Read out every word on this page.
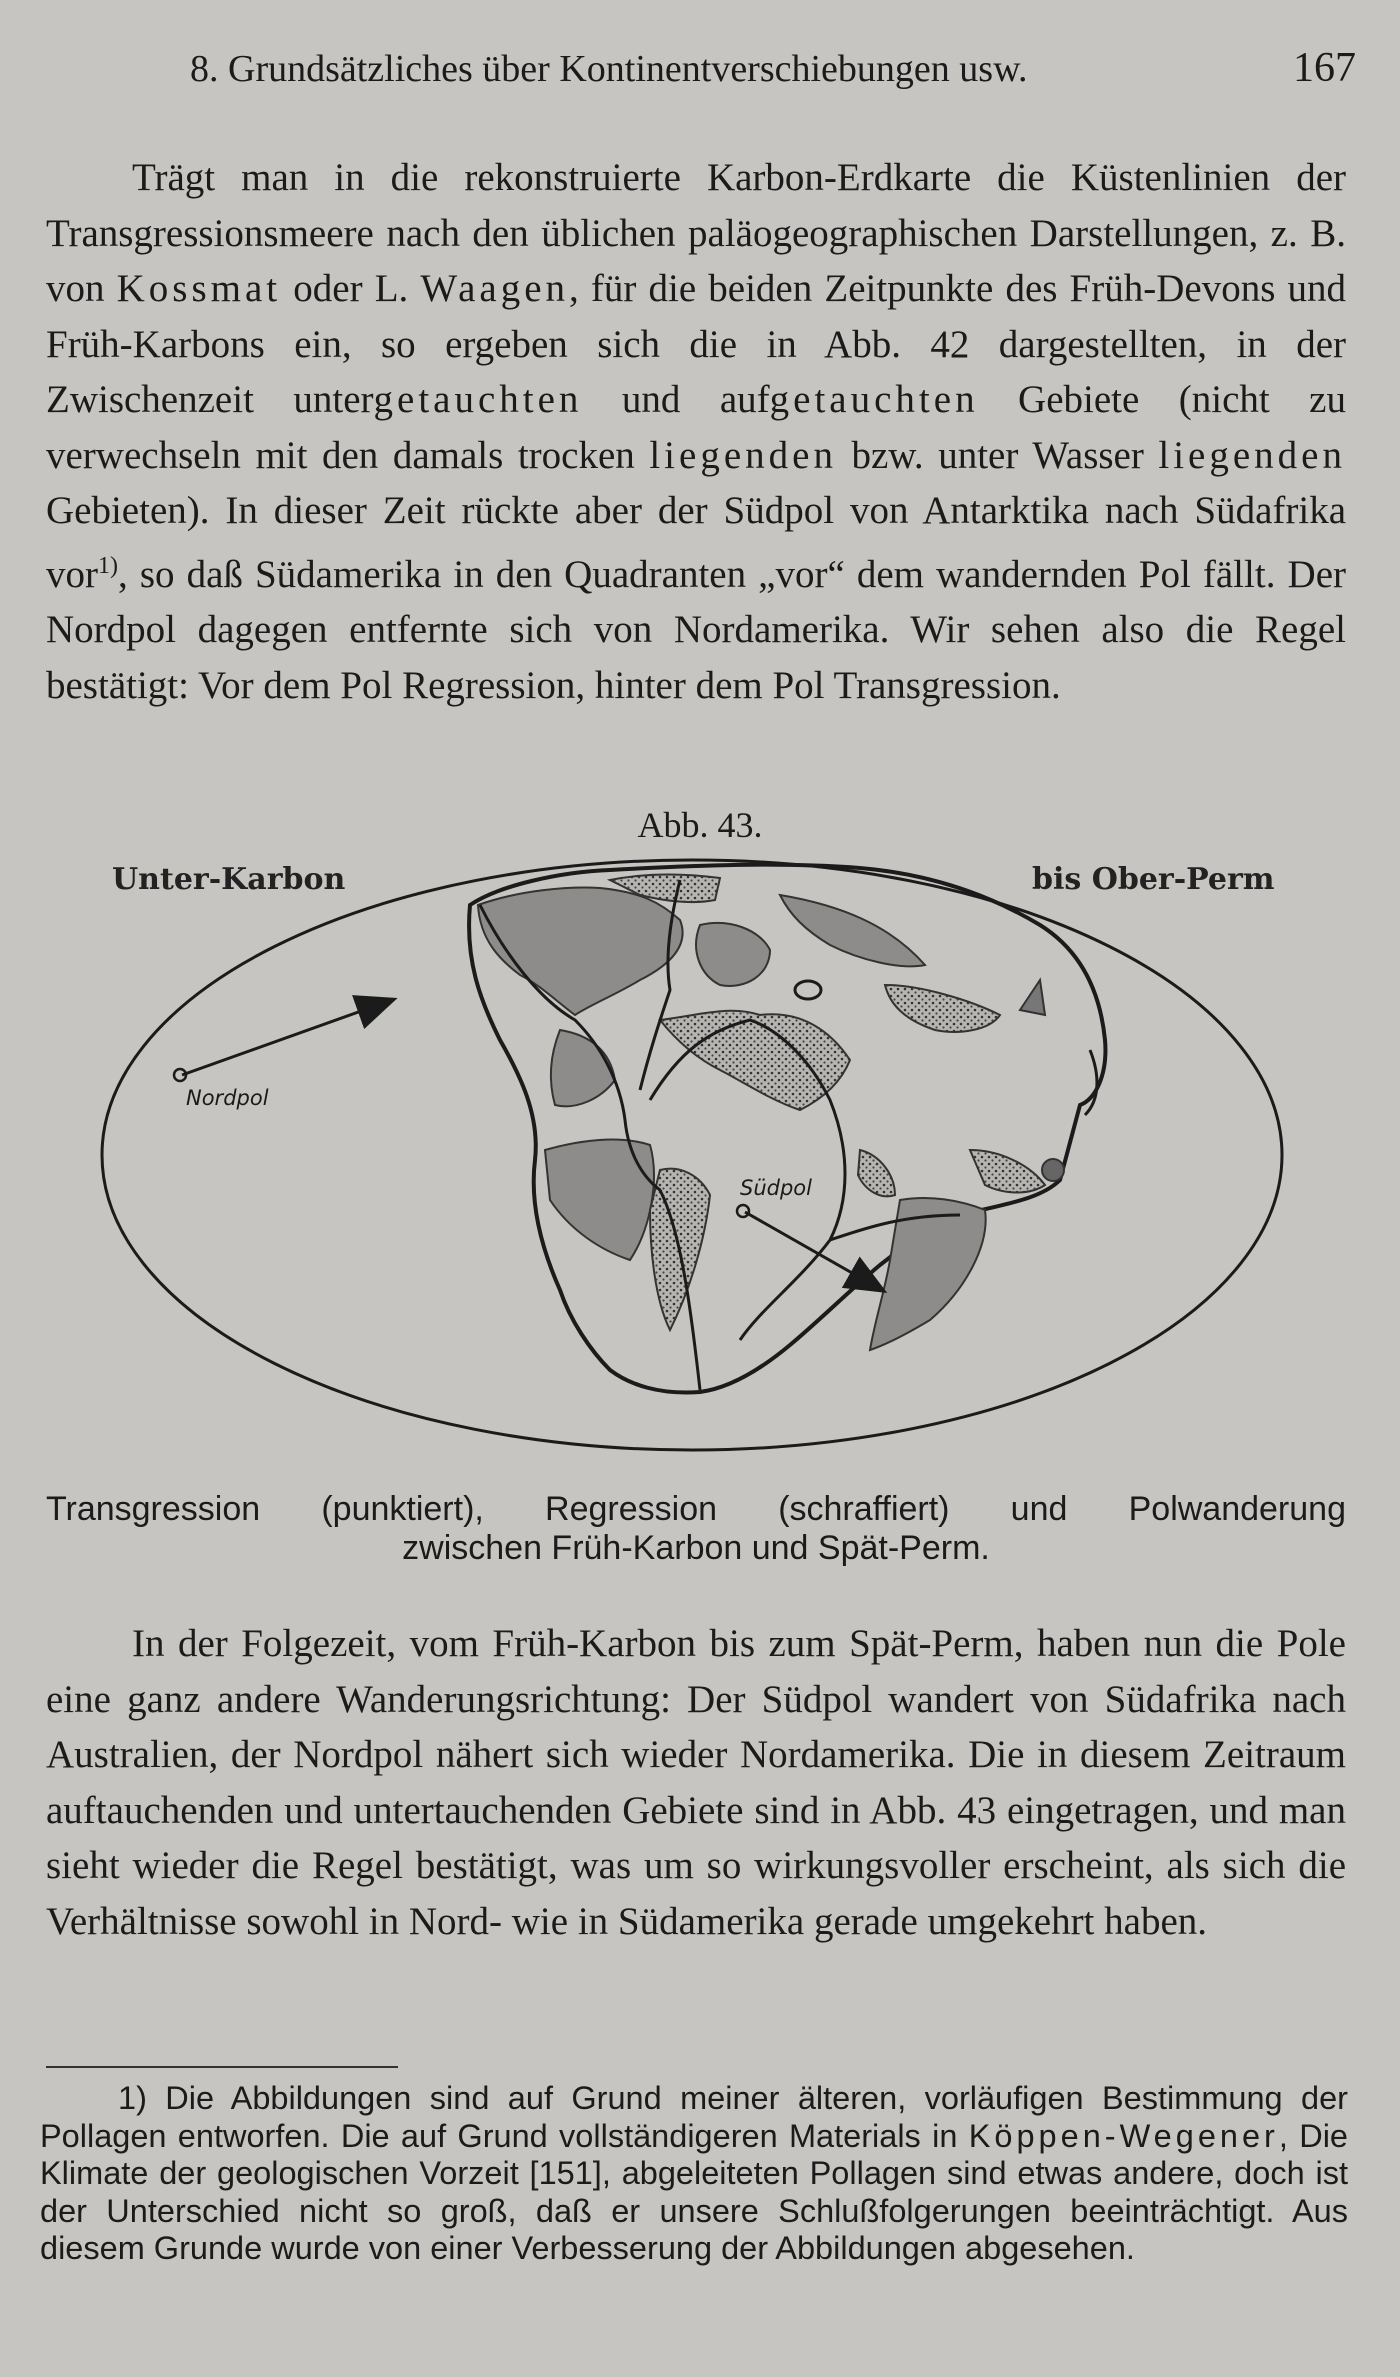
8. Grundsätzliches über Kontinentverschiebungen usw.	167

Trägt man in die rekonstruierte Karbon-Erdkarte die Küstenlinien der Transgressionsmeere nach den üblichen paläogeographischen Darstellungen, z. B. von Kossmat oder L. Waagen, für die beiden Zeitpunkte des Früh-Devons und Früh-Karbons ein, so ergeben sich die in Abb. 42 dargestellten, in der Zwischenzeit untergetauchten und aufgetauchten Gebiete (nicht zu verwechseln mit den damals trocken liegenden bzw. unter Wasser liegenden Gebieten). In dieser Zeit rückte aber der Südpol von Antarktika nach Südafrika vor$^{1)}$, so daß Südamerika in den Quadranten „vor“ dem wandernden Pol fällt. Der Nordpol dagegen entfernte sich von Nordamerika. Wir sehen also die Regel bestätigt: Vor dem Pol Regression, hinter dem Pol Transgression.

Abb. 43.
Unter-Karbon	bis Ober-Perm
Nordpol
Südpol
Transgression (punktiert), Regression (schraffiert) und Polwanderung
zwischen Früh-Karbon und Spät-Perm.

In der Folgezeit, vom Früh-Karbon bis zum Spät-Perm, haben nun die Pole eine ganz andere Wanderungsrichtung: Der Südpol wandert von Südafrika nach Australien, der Nordpol nähert sich wieder Nordamerika. Die in diesem Zeitraum auftauchenden und untertauchenden Gebiete sind in Abb. 43 eingetragen, und man sieht wieder die Regel bestätigt, was um so wirkungsvoller erscheint, als sich die Verhältnisse sowohl in Nord- wie in Südamerika gerade umgekehrt haben.

1) Die Abbildungen sind auf Grund meiner älteren, vorläufigen Bestimmung der Pollagen entworfen. Die auf Grund vollständigeren Materials in Köppen-Wegener, Die Klimate der geologischen Vorzeit [151], abgeleiteten Pollagen sind etwas andere, doch ist der Unterschied nicht so groß, daß er unsere Schlußfolgerungen beeinträchtigt. Aus diesem Grunde wurde von einer Verbesserung der Abbildungen abgesehen.
